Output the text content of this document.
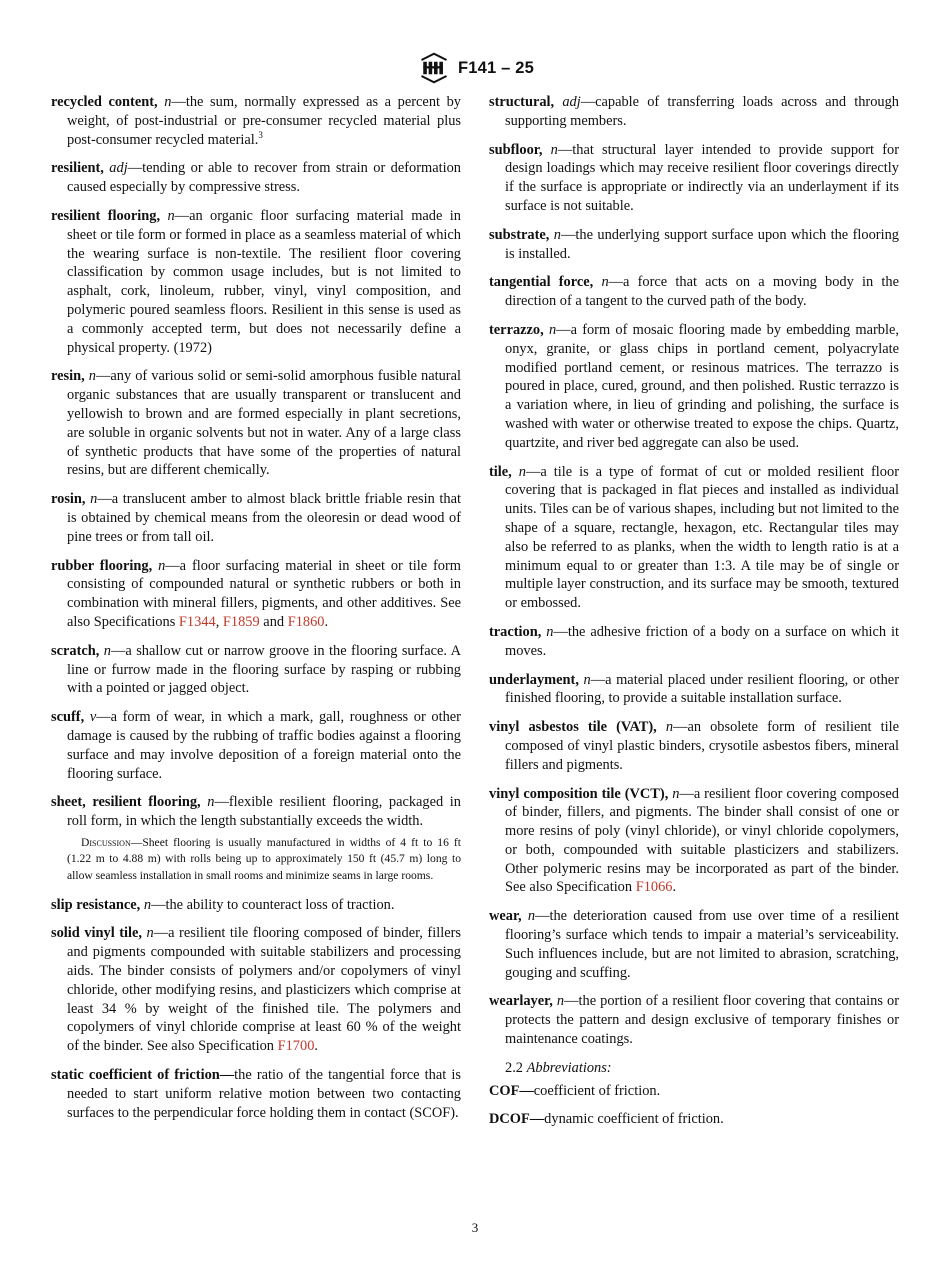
F141 – 25

recycled content, n—the sum, normally expressed as a percent by weight, of post-industrial or pre-consumer recycled material plus post-consumer recycled material.$^3$

resilient, adj—tending or able to recover from strain or deformation caused especially by compressive stress.

resilient flooring, n—an organic floor surfacing material made in sheet or tile form or formed in place as a seamless material of which the wearing surface is non-textile. The resilient floor covering classification by common usage includes, but is not limited to asphalt, cork, linoleum, rubber, vinyl, vinyl composition, and polymeric poured seamless floors. Resilient in this sense is used as a commonly accepted term, but does not necessarily define a physical property. (1972)

resin, n—any of various solid or semi-solid amorphous fusible natural organic substances that are usually transparent or translucent and yellowish to brown and are formed especially in plant secretions, are soluble in organic solvents but not in water. Any of a large class of synthetic products that have some of the properties of natural resins, but are different chemically.

rosin, n—a translucent amber to almost black brittle friable resin that is obtained by chemical means from the oleoresin or dead wood of pine trees or from tall oil.

rubber flooring, n—a floor surfacing material in sheet or tile form consisting of compounded natural or synthetic rubbers or both in combination with mineral fillers, pigments, and other additives. See also Specifications F1344, F1859 and F1860.

scratch, n—a shallow cut or narrow groove in the flooring surface. A line or furrow made in the flooring surface by rasping or rubbing with a pointed or jagged object.

scuff, v—a form of wear, in which a mark, gall, roughness or other damage is caused by the rubbing of traffic bodies against a flooring surface and may involve deposition of a foreign material onto the flooring surface.

sheet, resilient flooring, n—flexible resilient flooring, packaged in roll form, in which the length substantially exceeds the width.

Discussion—Sheet flooring is usually manufactured in widths of 4 ft to 16 ft (1.22 m to 4.88 m) with rolls being up to approximately 150 ft (45.7 m) long to allow seamless installation in small rooms and minimize seams in large rooms.

slip resistance, n—the ability to counteract loss of traction.

solid vinyl tile, n—a resilient tile flooring composed of binder, fillers and pigments compounded with suitable stabilizers and processing aids. The binder consists of polymers and/or copolymers of vinyl chloride, other modifying resins, and plasticizers which comprise at least 34 % by weight of the finished tile. The polymers and copolymers of vinyl chloride comprise at least 60 % of the weight of the binder. See also Specification F1700.

static coefficient of friction—the ratio of the tangential force that is needed to start uniform relative motion between two contacting surfaces to the perpendicular force holding them in contact (SCOF).

structural, adj—capable of transferring loads across and through supporting members.

subfloor, n—that structural layer intended to provide support for design loadings which may receive resilient floor coverings directly if the surface is appropriate or indirectly via an underlayment if its surface is not suitable.

substrate, n—the underlying support surface upon which the flooring is installed.

tangential force, n—a force that acts on a moving body in the direction of a tangent to the curved path of the body.

terrazzo, n—a form of mosaic flooring made by embedding marble, onyx, granite, or glass chips in portland cement, polyacrylate modified portland cement, or resinous matrices. The terrazzo is poured in place, cured, ground, and then polished. Rustic terrazzo is a variation where, in lieu of grinding and polishing, the surface is washed with water or otherwise treated to expose the chips. Quartz, quartzite, and river bed aggregate can also be used.

tile, n—a tile is a type of format of cut or molded resilient floor covering that is packaged in flat pieces and installed as individual units. Tiles can be of various shapes, including but not limited to the shape of a square, rectangle, hexagon, etc. Rectangular tiles may also be referred to as planks, when the width to length ratio is at a minimum equal to or greater than 1:3. A tile may be of single or multiple layer construction, and its surface may be smooth, textured or embossed.

traction, n—the adhesive friction of a body on a surface on which it moves.

underlayment, n—a material placed under resilient flooring, or other finished flooring, to provide a suitable installation surface.

vinyl asbestos tile (VAT), n—an obsolete form of resilient tile composed of vinyl plastic binders, crysotile asbestos fibers, mineral fillers and pigments.

vinyl composition tile (VCT), n—a resilient floor covering composed of binder, fillers, and pigments. The binder shall consist of one or more resins of poly (vinyl chloride), or vinyl chloride copolymers, or both, compounded with suitable plasticizers and stabilizers. Other polymeric resins may be incorporated as part of the binder. See also Specification F1066.

wear, n—the deterioration caused from use over time of a resilient flooring’s surface which tends to impair a material’s serviceability. Such influences include, but are not limited to abrasion, scratching, gouging and scuffing.

wearlayer, n—the portion of a resilient floor covering that contains or protects the pattern and design exclusive of temporary finishes or maintenance coatings.

2.2 Abbreviations:

COF—coefficient of friction.

DCOF—dynamic coefficient of friction.

3
